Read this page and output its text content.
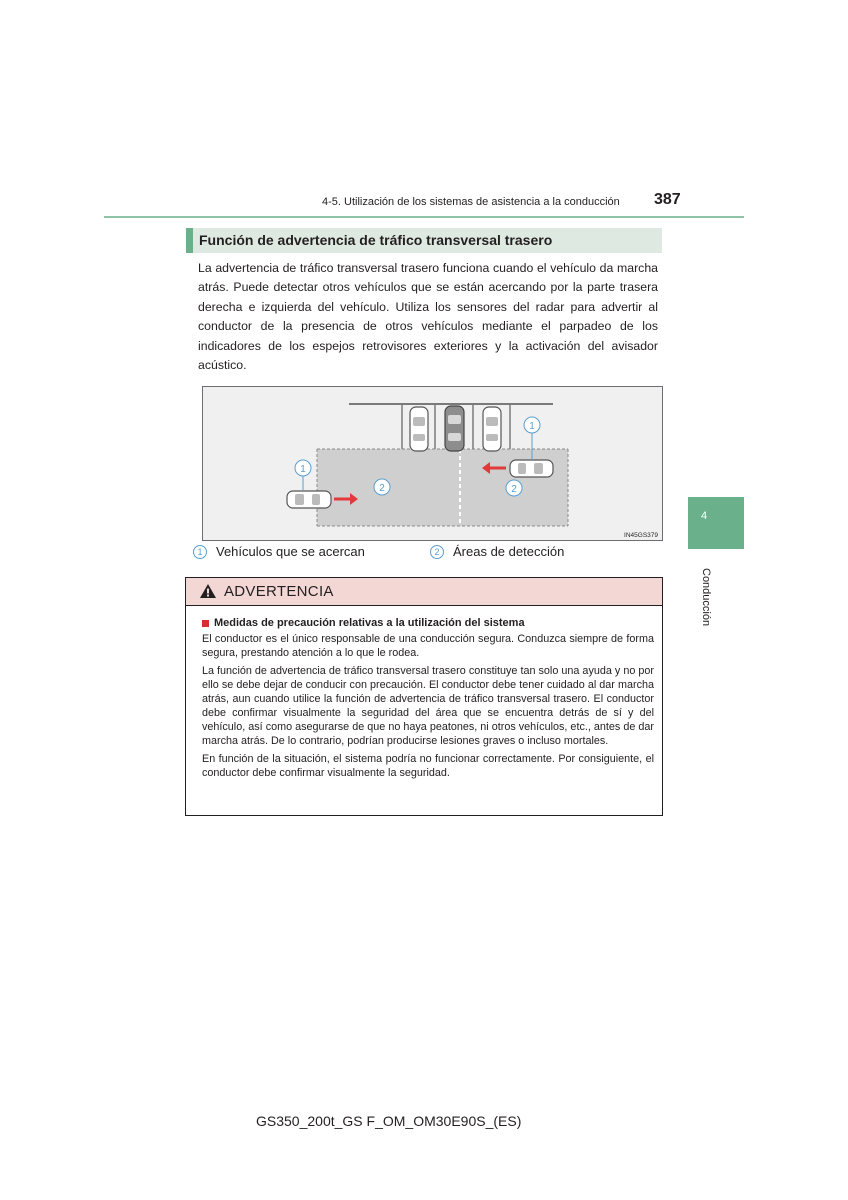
4-5. Utilización de los sistemas de asistencia a la conducción 387
4
Conducción
Función de advertencia de tráfico transversal trasero
La advertencia de tráfico transversal trasero funciona cuando el vehículo da marcha atrás. Puede detectar otros vehículos que se están acercando por la parte trasera derecha e izquierda del vehículo. Utiliza los sensores del radar para advertir al conductor de la presencia de otros vehículos mediante el parpadeo de los indicadores de los espejos retrovisores exteriores y la activación del avisador acústico.
1
1
2	2
IN45GS379
1	Vehículos que se acercan	2	Áreas de detección
ADVERTENCIA
Medidas de precaución relativas a la utilización del sistema

El conductor es el único responsable de una conducción segura. Conduzca siempre de forma segura, prestando atención a lo que le rodea.

La función de advertencia de tráfico transversal trasero constituye tan solo una ayuda y no por ello se debe dejar de conducir con precaución. El conductor debe tener cuidado al dar marcha atrás, aun cuando utilice la función de advertencia de tráfico transversal trasero. El conductor debe confirmar visualmente la seguridad del área que se encuentra detrás de sí y del vehículo, así como asegurarse de que no haya peatones, ni otros vehículos, etc., antes de dar marcha atrás. De lo contrario, podrían producirse lesiones graves o incluso mortales.

En función de la situación, el sistema podría no funcionar correctamente. Por consiguiente, el conductor debe confirmar visualmente la seguridad.

GS350_200t_GS F_OM_OM30E90S_(ES)
